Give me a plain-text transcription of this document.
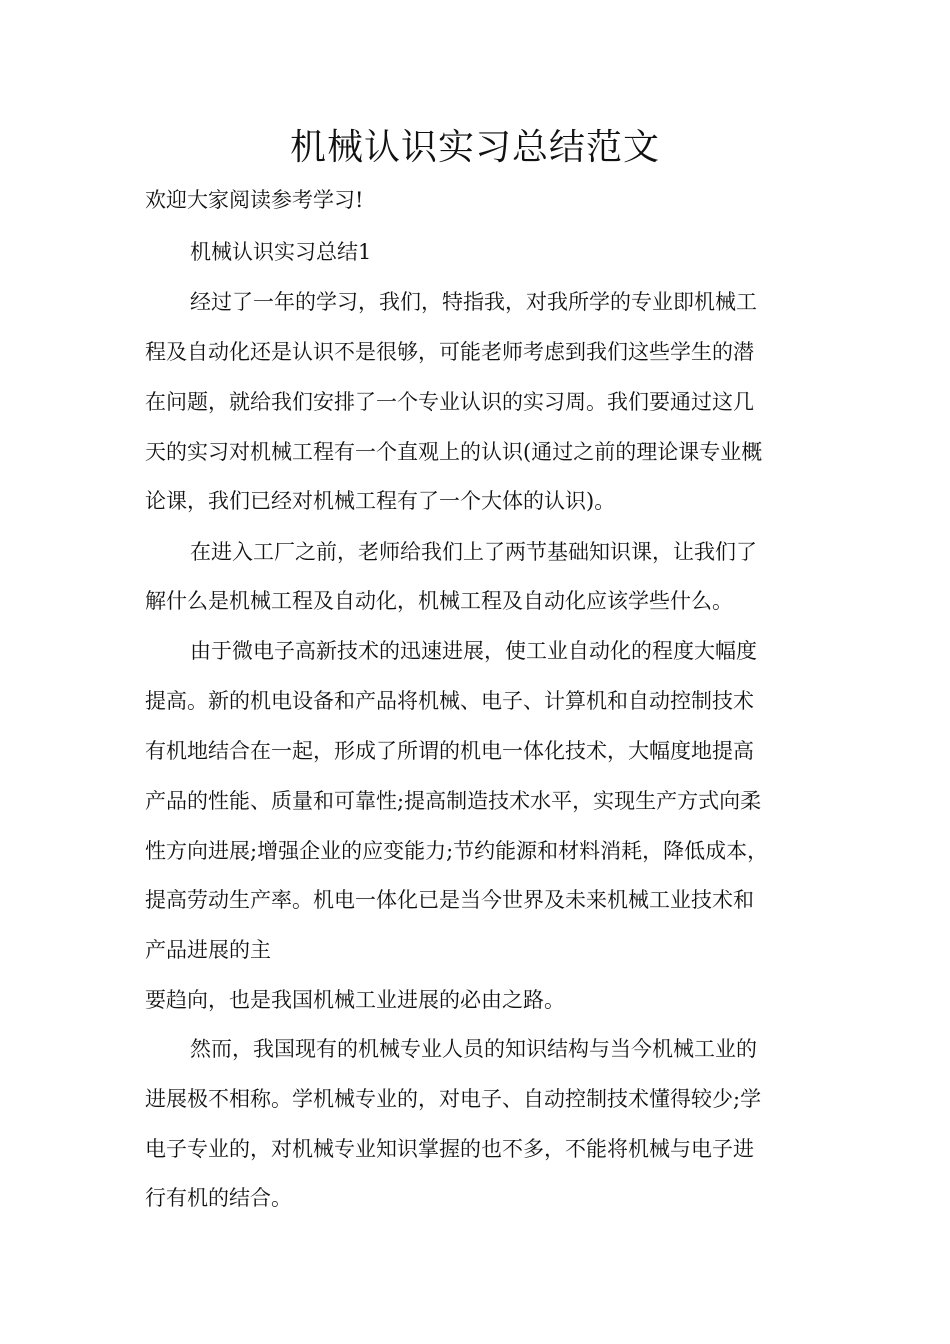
机械认识实习总结范文
欢迎大家阅读参考学习!
机械认识实习总结1
经过了一年的学习，我们，特指我，对我所学的专业即机械工
程及自动化还是认识不是很够，可能老师考虑到我们这些学生的潜
在问题，就给我们安排了一个专业认识的实习周。我们要通过这几
天的实习对机械工程有一个直观上的认识(通过之前的理论课专业概
论课，我们已经对机械工程有了一个大体的认识)。
在进入工厂之前，老师给我们上了两节基础知识课，让我们了
解什么是机械工程及自动化，机械工程及自动化应该学些什么。
由于微电子高新技术的迅速进展，使工业自动化的程度大幅度
提高。新的机电设备和产品将机械、电子、计算机和自动控制技术
有机地结合在一起，形成了所谓的机电一体化技术，大幅度地提高
产品的性能、质量和可靠性;提高制造技术水平，实现生产方式向柔
性方向进展;增强企业的应变能力;节约能源和材料消耗，降低成本，
提高劳动生产率。机电一体化已是当今世界及未来机械工业技术和
产品进展的主
要趋向，也是我国机械工业进展的必由之路。
然而，我国现有的机械专业人员的知识结构与当今机械工业的
进展极不相称。学机械专业的，对电子、自动控制技术懂得较少;学
电子专业的，对机械专业知识掌握的也不多，不能将机械与电子进
行有机的结合。
